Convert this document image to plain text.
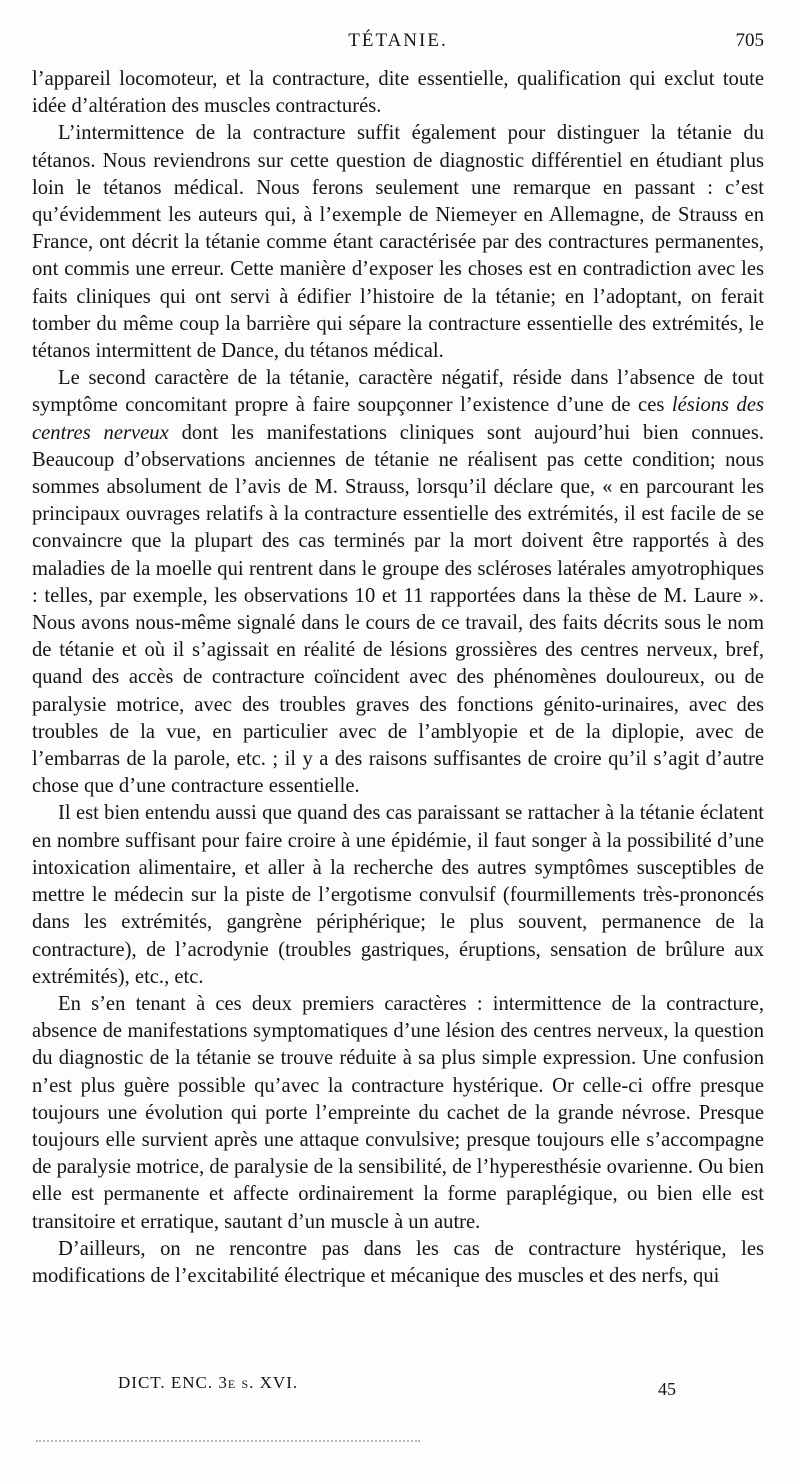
TÉTANIE.	705

l’appareil locomoteur, et la contracture, dite essentielle, qualification qui exclut toute idée d’altération des muscles contracturés.

L’intermittence de la contracture suffit également pour distinguer la tétanie du tétanos. Nous reviendrons sur cette question de diagnostic différentiel en étudiant plus loin le tétanos médical. Nous ferons seulement une remarque en passant : c’est qu’évidemment les auteurs qui, à l’exemple de Niemeyer en Allemagne, de Strauss en France, ont décrit la tétanie comme étant caractérisée par des contractures permanentes, ont commis une erreur. Cette manière d’exposer les choses est en contradiction avec les faits cliniques qui ont servi à édifier l’histoire de la tétanie; en l’adoptant, on ferait tomber du même coup la barrière qui sépare la contracture essentielle des extrémités, le tétanos intermittent de Dance, du tétanos médical.

Le second caractère de la tétanie, caractère négatif, réside dans l’absence de tout symptôme concomitant propre à faire soupçonner l’existence d’une de ces lésions des centres nerveux dont les manifestations cliniques sont aujourd’hui bien connues. Beaucoup d’observations anciennes de tétanie ne réalisent pas cette condition; nous sommes absolument de l’avis de M. Strauss, lorsqu’il déclare que, « en parcourant les principaux ouvrages relatifs à la contracture essentielle des extrémités, il est facile de se convaincre que la plupart des cas terminés par la mort doivent être rapportés à des maladies de la moelle qui rentrent dans le groupe des scléroses latérales amyotrophiques : telles, par exemple, les observations 10 et 11 rapportées dans la thèse de M. Laure ». Nous avons nous-même signalé dans le cours de ce travail, des faits décrits sous le nom de tétanie et où il s’agissait en réalité de lésions grossières des centres nerveux, bref, quand des accès de contracture coïncident avec des phénomènes douloureux, ou de paralysie motrice, avec des troubles graves des fonctions génito-urinaires, avec des troubles de la vue, en particulier avec de l’amblyopie et de la diplopie, avec de l’embarras de la parole, etc. ; il y a des raisons suffisantes de croire qu’il s’agit d’autre chose que d’une contracture essentielle.

Il est bien entendu aussi que quand des cas paraissant se rattacher à la tétanie éclatent en nombre suffisant pour faire croire à une épidémie, il faut songer à la possibilité d’une intoxication alimentaire, et aller à la recherche des autres symptômes susceptibles de mettre le médecin sur la piste de l’ergotisme convulsif (fourmillements très-prononcés dans les extrémités, gangrène périphérique; le plus souvent, permanence de la contracture), de l’acrodynie (troubles gastriques, éruptions, sensation de brûlure aux extrémités), etc., etc.

En s’en tenant à ces deux premiers caractères : intermittence de la contracture, absence de manifestations symptomatiques d’une lésion des centres nerveux, la question du diagnostic de la tétanie se trouve réduite à sa plus simple expression. Une confusion n’est plus guère possible qu’avec la contracture hystérique. Or celle-ci offre presque toujours une évolution qui porte l’empreinte du cachet de la grande névrose. Presque toujours elle survient après une attaque convulsive; presque toujours elle s’accompagne de paralysie motrice, de paralysie de la sensibilité, de l’hyperesthésie ovarienne. Ou bien elle est permanente et affecte ordinairement la forme paraplégique, ou bien elle est transitoire et erratique, sautant d’un muscle à un autre.

D’ailleurs, on ne rencontre pas dans les cas de contracture hystérique, les modifications de l’excitabilité électrique et mécanique des muscles et des nerfs, qui

DICT. ENC. 3e s. XVI.	45
